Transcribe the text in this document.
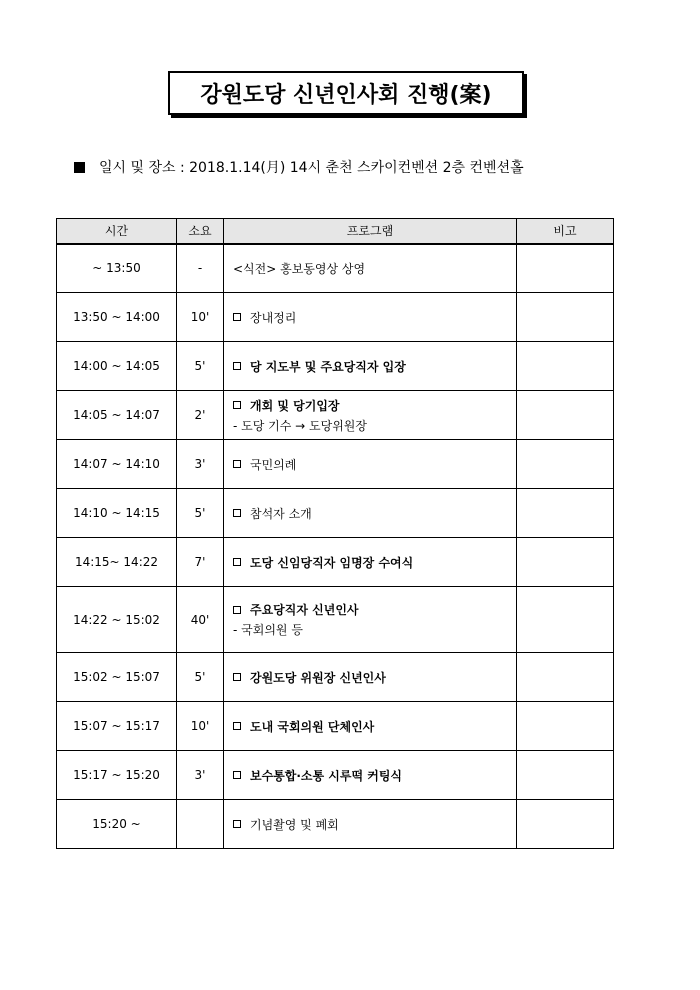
강원도당 신년인사회 진행(案)
일시 및 장소 : 2018.1.14(月) 14시 춘천 스카이컨벤션 2층 컨벤션홀
시간	소요	프로그램	비고
~ 13:50	-	<식전> 홍보동영상 상영	

13:50 ~ 14:00	10'	장내정리	

14:00 ~ 14:05	5'	당 지도부 및 주요당직자 입장	

14:05 ~ 14:07	2'	개회 및 당기입장
- 도당 기수 → 도당위원장	

14:07 ~ 14:10	3'	국민의례	

14:10 ~ 14:15	5'	참석자 소개	

14:15~ 14:22	7'	도당 신임당직자 임명장 수여식	

14:22 ~ 15:02	40'	주요당직자 신년인사
- 국회의원 등	

15:02 ~ 15:07	5'	강원도당 위원장 신년인사	

15:07 ~ 15:17	10'	도내 국회의원 단체인사	

15:17 ~ 15:20	3'	보수통합·소통 시루떡 커팅식	

15:20 ~		기념촬영 및 폐회	
